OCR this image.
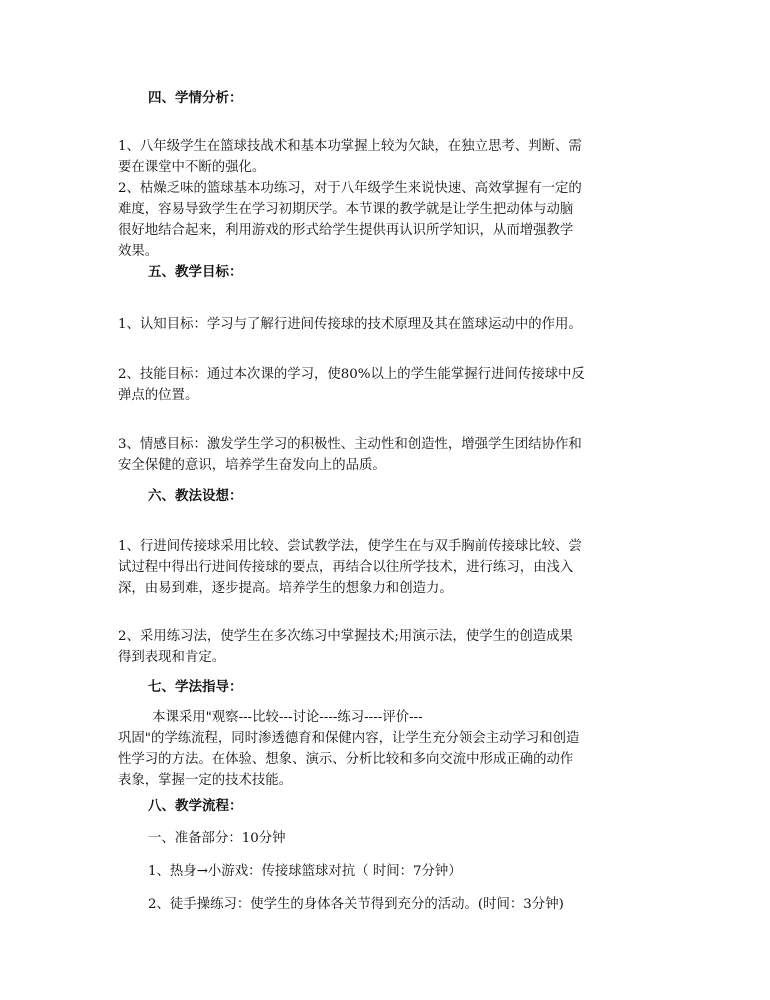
四、学情分析：
1、八年级学生在篮球技战术和基本功掌握上较为欠缺，在独立思考、判断、需
要在课堂中不断的强化。
2、枯燥乏味的篮球基本功练习，对于八年级学生来说快速、高效掌握有一定的
难度，容易导致学生在学习初期厌学。本节课的教学就是让学生把动体与动脑
很好地结合起来，利用游戏的形式给学生提供再认识所学知识，从而增强教学
效果。
五、教学目标：
1、认知目标：学习与了解行进间传接球的技术原理及其在篮球运动中的作用。
2、技能目标：通过本次课的学习，使80%以上的学生能掌握行进间传接球中反
弹点的位置。
3、情感目标：激发学生学习的积极性、主动性和创造性，增强学生团结协作和
安全保健的意识，培养学生奋发向上的品质。
六、教法设想：
1、行进间传接球采用比较、尝试教学法，使学生在与双手胸前传接球比较、尝
试过程中得出行进间传接球的要点，再结合以往所学技术，进行练习，由浅入
深，由易到难，逐步提高。培养学生的想象力和创造力。
2、采用练习法，使学生在多次练习中掌握技术;用演示法，使学生的创造成果
得到表现和肯定。
七、学法指导：
本课采用"观察---比较---讨论----练习----评价---
巩固"的学练流程，同时渗透德育和保健内容，让学生充分领会主动学习和创造
性学习的方法。在体验、想象、演示、分析比较和多向交流中形成正确的动作
表象，掌握一定的技术技能。
八、教学流程：
一、准备部分：10分钟
1、热身→小游戏：传接球篮球对抗（ 时间：7分钟）
2、徒手操练习：使学生的身体各关节得到充分的活动。(时间：3分钟)
